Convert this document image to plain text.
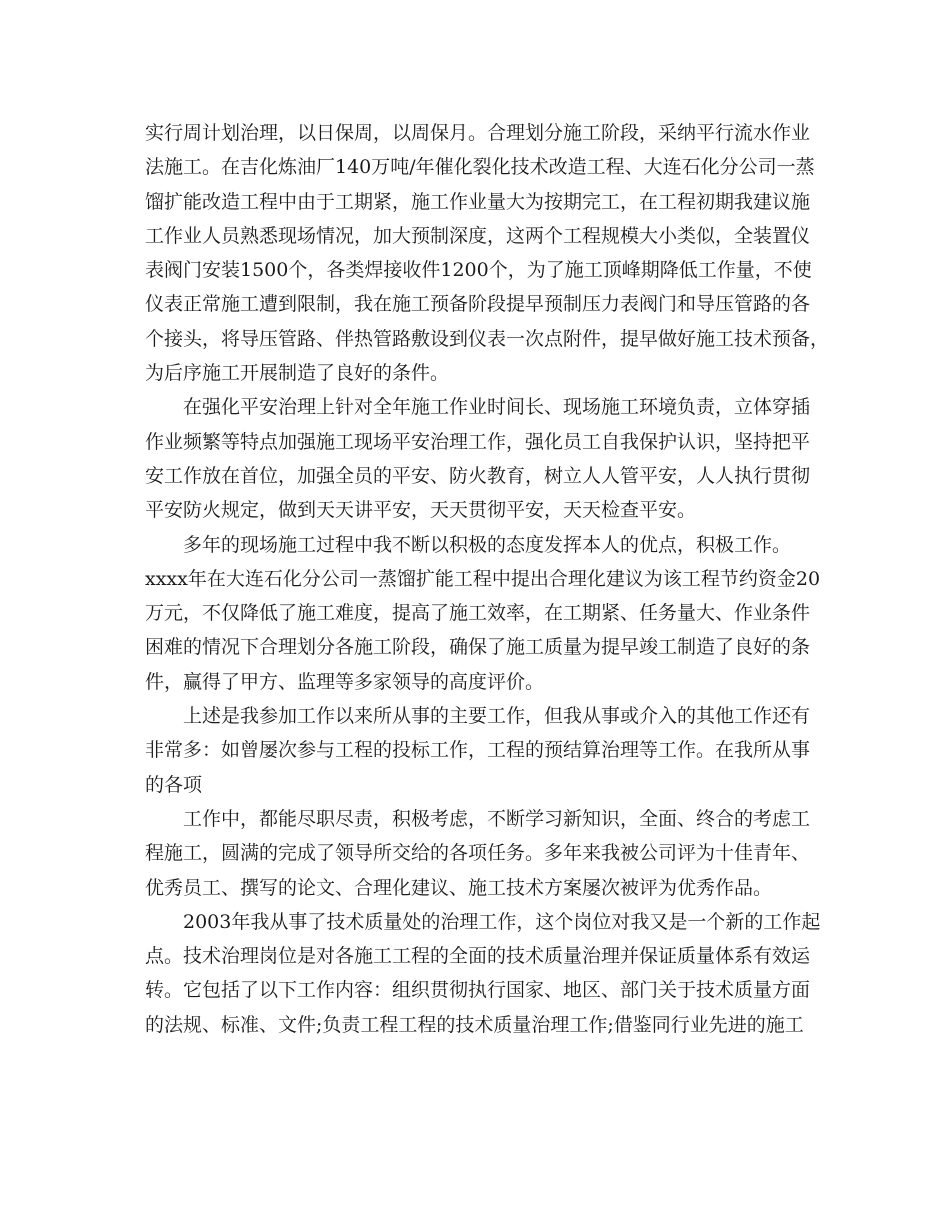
实行周计划治理，以日保周，以周保月。合理划分施工阶段，采纳平行流水作业
法施工。在吉化炼油厂140万吨/年催化裂化技术改造工程、大连石化分公司一蒸
馏扩能改造工程中由于工期紧，施工作业量大为按期完工，在工程初期我建议施
工作业人员熟悉现场情况，加大预制深度，这两个工程规模大小类似，全装置仪
表阀门安装1500个，各类焊接收件1200个，为了施工顶峰期降低工作量，不使
仪表正常施工遭到限制，我在施工预备阶段提早预制压力表阀门和导压管路的各
个接头，将导压管路、伴热管路敷设到仪表一次点附件，提早做好施工技术预备，
为后序施工开展制造了良好的条件。
在强化平安治理上针对全年施工作业时间长、现场施工环境负责，立体穿插
作业频繁等特点加强施工现场平安治理工作，强化员工自我保护认识，坚持把平
安工作放在首位，加强全员的平安、防火教育，树立人人管平安，人人执行贯彻
平安防火规定，做到天天讲平安，天天贯彻平安，天天检查平安。
多年的现场施工过程中我不断以积极的态度发挥本人的优点，积极工作。
xxxx年在大连石化分公司一蒸馏扩能工程中提出合理化建议为该工程节约资金20
万元，不仅降低了施工难度，提高了施工效率，在工期紧、任务量大、作业条件
困难的情况下合理划分各施工阶段，确保了施工质量为提早竣工制造了良好的条
件，赢得了甲方、监理等多家领导的高度评价。
上述是我参加工作以来所从事的主要工作，但我从事或介入的其他工作还有
非常多：如曾屡次参与工程的投标工作，工程的预结算治理等工作。在我所从事
的各项
工作中，都能尽职尽责，积极考虑，不断学习新知识，全面、终合的考虑工
程施工，圆满的完成了领导所交给的各项任务。多年来我被公司评为十佳青年、
优秀员工、撰写的论文、合理化建议、施工技术方案屡次被评为优秀作品。
2003年我从事了技术质量处的治理工作，这个岗位对我又是一个新的工作起
点。技术治理岗位是对各施工工程的全面的技术质量治理并保证质量体系有效运
转。它包括了以下工作内容：组织贯彻执行国家、地区、部门关于技术质量方面
的法规、标准、文件;负责工程工程的技术质量治理工作;借鉴同行业先进的施工
